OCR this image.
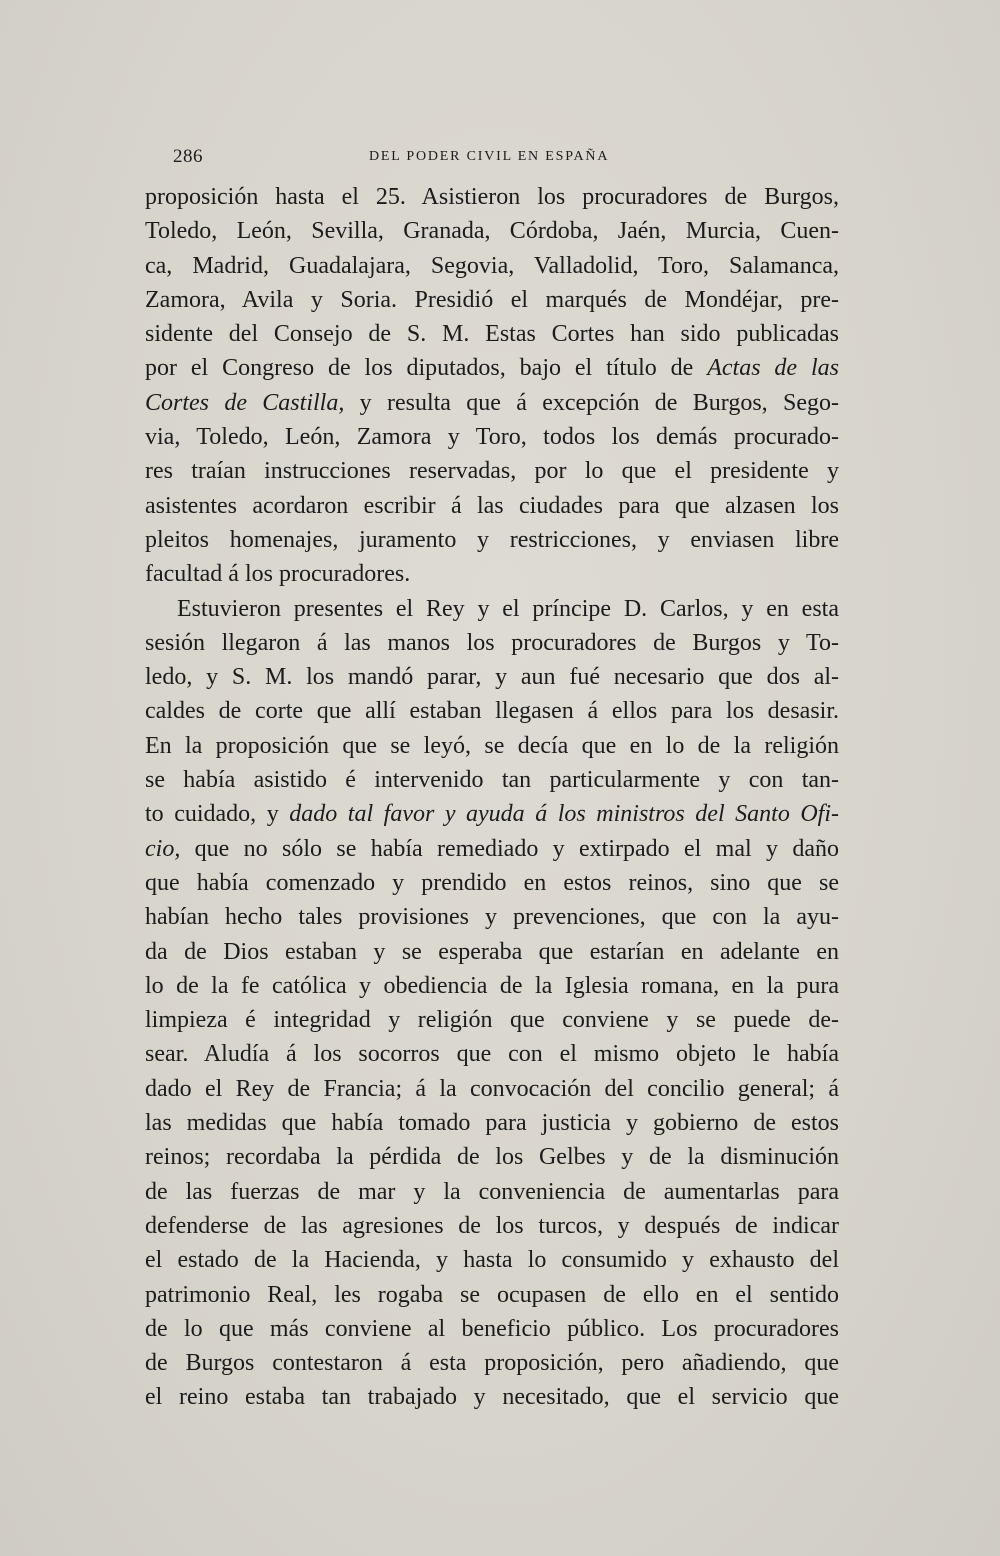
286	DEL PODER CIVIL EN ESPAÑA
proposición hasta el 25. Asistieron los procuradores de Burgos,
Toledo, León, Sevilla, Granada, Córdoba, Jaén, Murcia, Cuen-
ca, Madrid, Guadalajara, Segovia, Valladolid, Toro, Salamanca,
Zamora, Avila y Soria. Presidió el marqués de Mondéjar, pre-
sidente del Consejo de S. M. Estas Cortes han sido publicadas
por el Congreso de los diputados, bajo el título de Actas de las
Cortes de Castilla, y resulta que á excepción de Burgos, Sego-
via, Toledo, León, Zamora y Toro, todos los demás procurado-
res traían instrucciones reservadas, por lo que el presidente y
asistentes acordaron escribir á las ciudades para que alzasen los
pleitos homenajes, juramento y restricciones, y enviasen libre
facultad á los procuradores.
Estuvieron presentes el Rey y el príncipe D. Carlos, y en esta
sesión llegaron á las manos los procuradores de Burgos y To-
ledo, y S. M. los mandó parar, y aun fué necesario que dos al-
caldes de corte que allí estaban llegasen á ellos para los desasir.
En la proposición que se leyó, se decía que en lo de la religión
se había asistido é intervenido tan particularmente y con tan-
to cuidado, y dado tal favor y ayuda á los ministros del Santo Ofi-
cio, que no sólo se había remediado y extirpado el mal y daño
que había comenzado y prendido en estos reinos, sino que se
habían hecho tales provisiones y prevenciones, que con la ayu-
da de Dios estaban y se esperaba que estarían en adelante en
lo de la fe católica y obediencia de la Iglesia romana, en la pura
limpieza é integridad y religión que conviene y se puede de-
sear. Aludía á los socorros que con el mismo objeto le había
dado el Rey de Francia; á la convocación del concilio general; á
las medidas que había tomado para justicia y gobierno de estos
reinos; recordaba la pérdida de los Gelbes y de la disminución
de las fuerzas de mar y la conveniencia de aumentarlas para
defenderse de las agresiones de los turcos, y después de indicar
el estado de la Hacienda, y hasta lo consumido y exhausto del
patrimonio Real, les rogaba se ocupasen de ello en el sentido
de lo que más conviene al beneficio público. Los procuradores
de Burgos contestaron á esta proposición, pero añadiendo, que
el reino estaba tan trabajado y necesitado, que el servicio que
